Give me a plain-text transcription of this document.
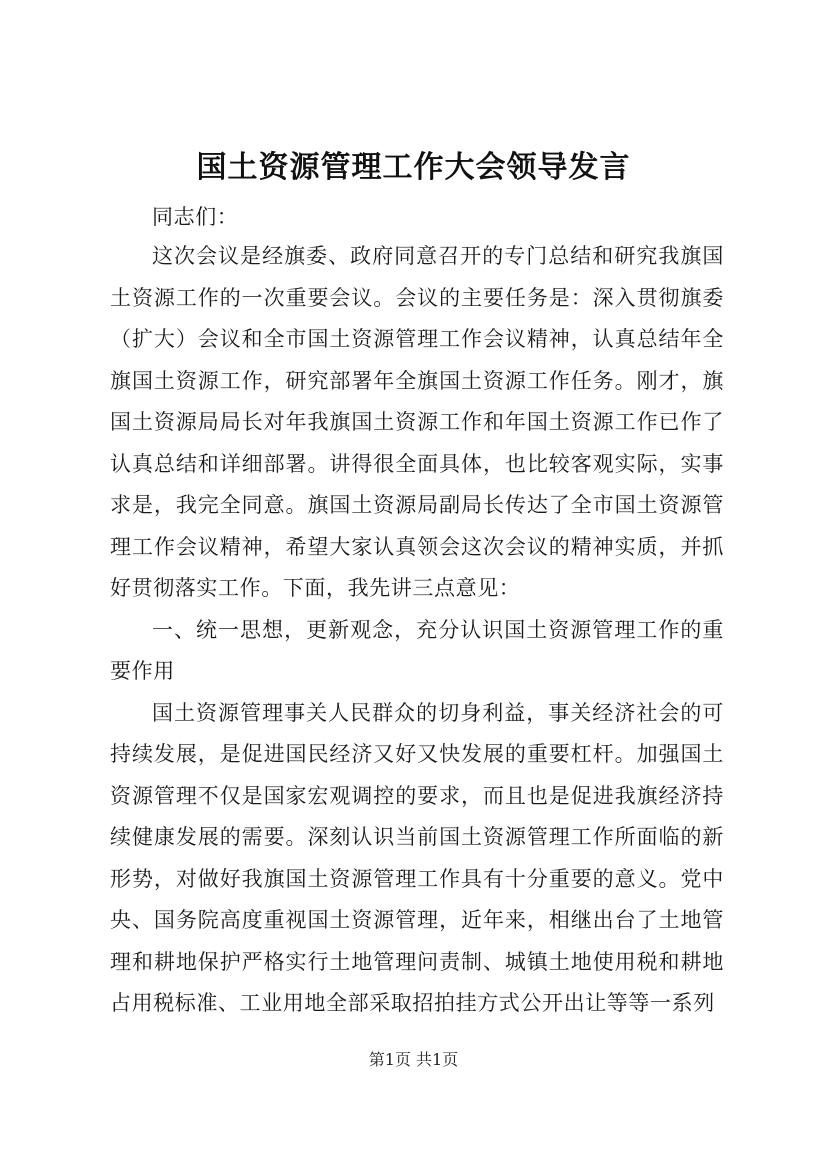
国土资源管理工作大会领导发言

同志们：

这次会议是经旗委、政府同意召开的专门总结和研究我旗国土资源工作的一次重要会议。会议的主要任务是：深入贯彻旗委（扩大）会议和全市国土资源管理工作会议精神，认真总结年全旗国土资源工作，研究部署年全旗国土资源工作任务。刚才，旗国土资源局局长对年我旗国土资源工作和年国土资源工作已作了认真总结和详细部署。讲得很全面具体，也比较客观实际，实事求是，我完全同意。旗国土资源局副局长传达了全市国土资源管理工作会议精神，希望大家认真领会这次会议的精神实质，并抓好贯彻落实工作。下面，我先讲三点意见：

一、统一思想，更新观念，充分认识国土资源管理工作的重要作用

国土资源管理事关人民群众的切身利益，事关经济社会的可持续发展，是促进国民经济又好又快发展的重要杠杆。加强国土资源管理不仅是国家宏观调控的要求，而且也是促进我旗经济持续健康发展的需要。深刻认识当前国土资源管理工作所面临的新形势，对做好我旗国土资源管理工作具有十分重要的意义。党中央、国务院高度重视国土资源管理，近年来，相继出台了土地管理和耕地保护严格实行土地管理问责制、城镇土地使用税和耕地占用税标准、工业用地全部采取招拍挂方式公开出让等等一系列

第1页 共1页
